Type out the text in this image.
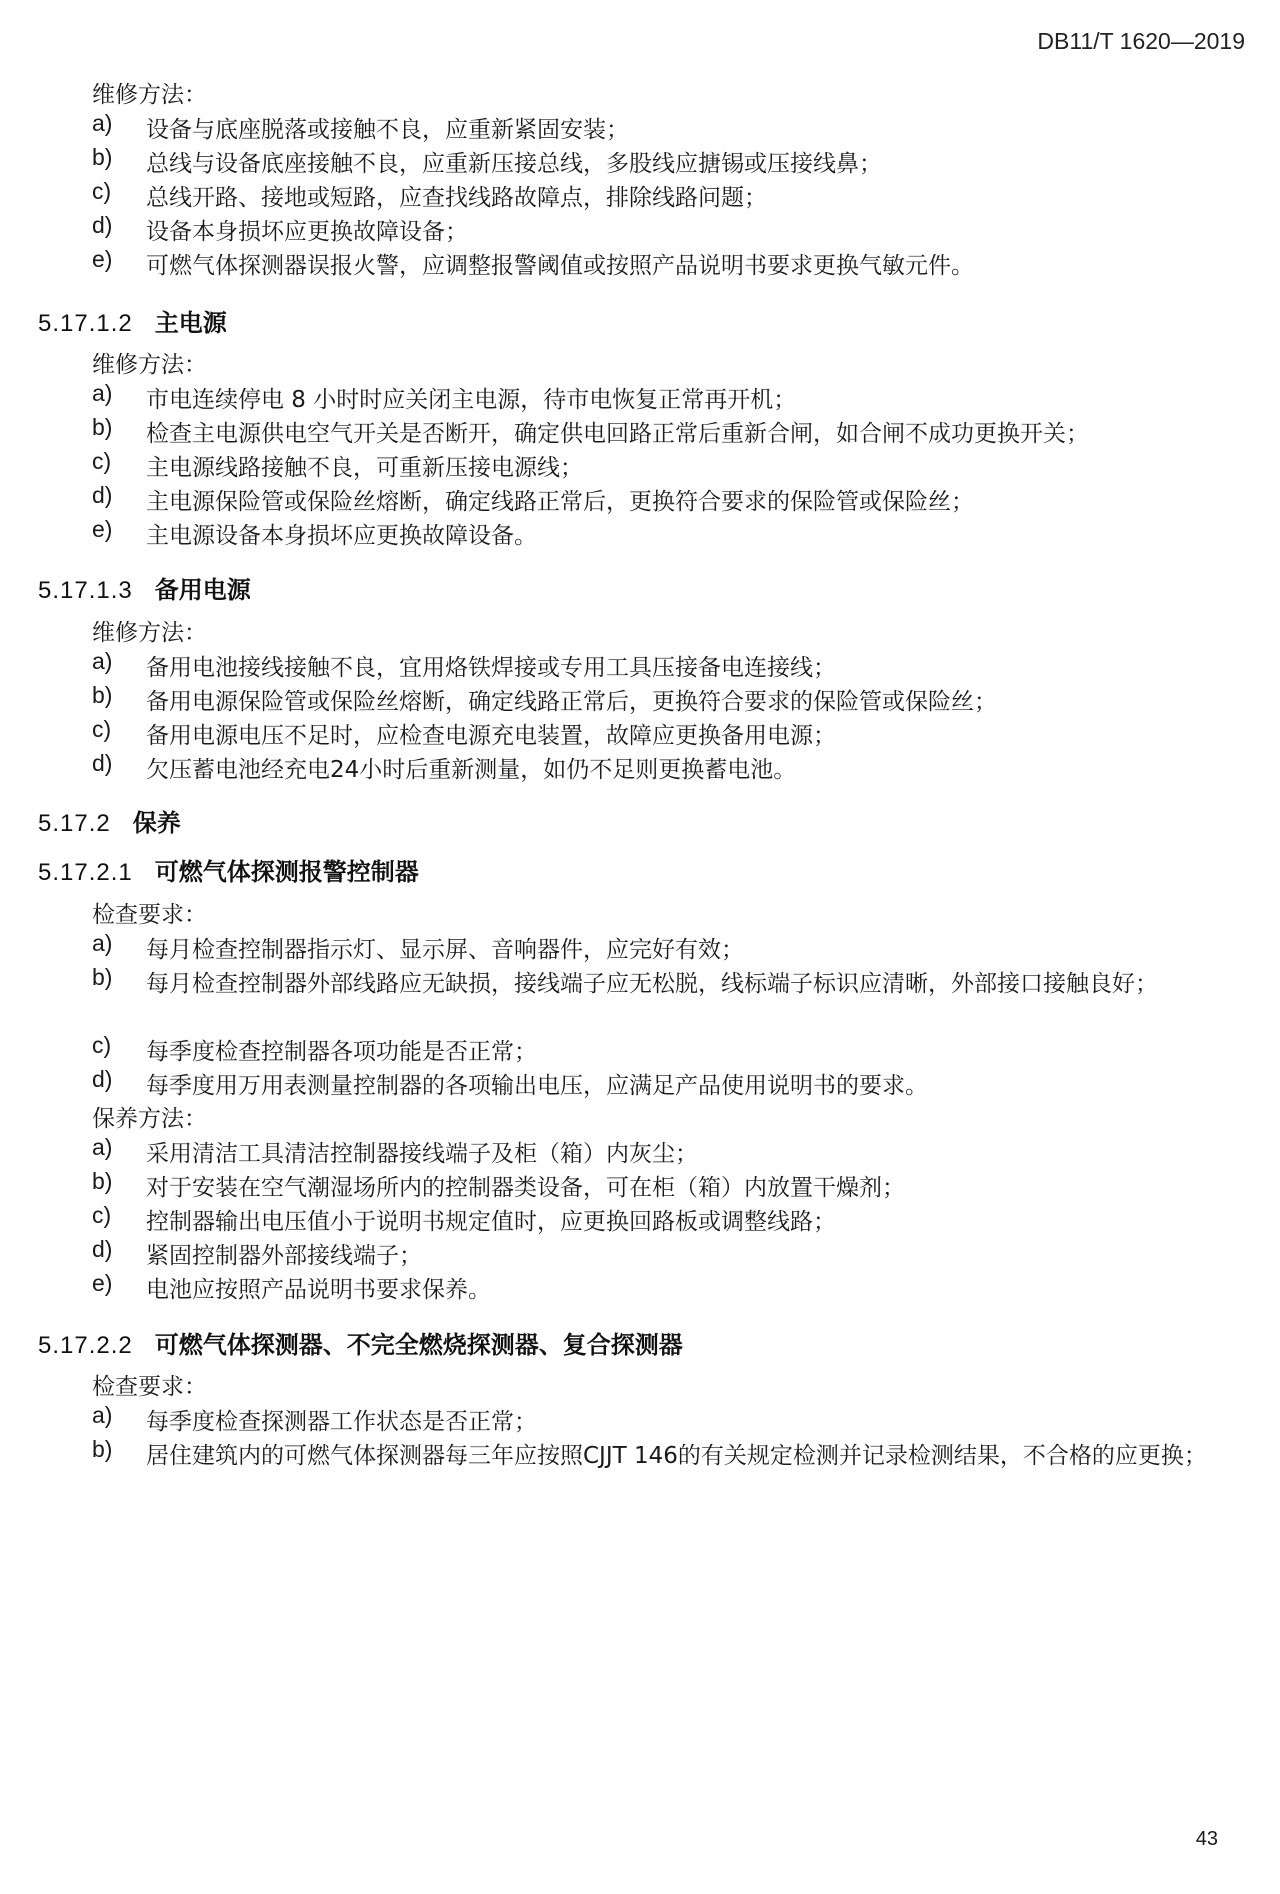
DB11/T 1620—2019
维修方法：
a)	设备与底座脱落或接触不良，应重新紧固安装；
b)	总线与设备底座接触不良，应重新压接总线，多股线应搪锡或压接线鼻；
c)	总线开路、接地或短路，应查找线路故障点，排除线路问题；
d)	设备本身损坏应更换故障设备；
e)	可燃气体探测器误报火警，应调整报警阈值或按照产品说明书要求更换气敏元件。
5.17.1.2 主电源
维修方法：
a)	市电连续停电 8 小时时应关闭主电源，待市电恢复正常再开机；
b)	检查主电源供电空气开关是否断开，确定供电回路正常后重新合闸，如合闸不成功更换开关；
c)	主电源线路接触不良，可重新压接电源线；
d)	主电源保险管或保险丝熔断，确定线路正常后，更换符合要求的保险管或保险丝；
e)	主电源设备本身损坏应更换故障设备。
5.17.1.3 备用电源
维修方法：
a)	备用电池接线接触不良，宜用烙铁焊接或专用工具压接备电连接线；
b)	备用电源保险管或保险丝熔断，确定线路正常后，更换符合要求的保险管或保险丝；
c)	备用电源电压不足时，应检查电源充电装置，故障应更换备用电源；
d)	欠压蓄电池经充电24小时后重新测量，如仍不足则更换蓄电池。
5.17.2 保养
5.17.2.1 可燃气体探测报警控制器
检查要求：
a)	每月检查控制器指示灯、显示屏、音响器件，应完好有效；
b)	每月检查控制器外部线路应无缺损，接线端子应无松脱，线标端子标识应清晰，外部接口接触良好；
c)	每季度检查控制器各项功能是否正常；
d)	每季度用万用表测量控制器的各项输出电压，应满足产品使用说明书的要求。
保养方法：
a)	采用清洁工具清洁控制器接线端子及柜（箱）内灰尘；
b)	对于安装在空气潮湿场所内的控制器类设备，可在柜（箱）内放置干燥剂；
c)	控制器输出电压值小于说明书规定值时，应更换回路板或调整线路；
d)	紧固控制器外部接线端子；
e)	电池应按照产品说明书要求保养。
5.17.2.2 可燃气体探测器、不完全燃烧探测器、复合探测器
检查要求：
a)	每季度检查探测器工作状态是否正常；
b)	居住建筑内的可燃气体探测器每三年应按照CJJT 146的有关规定检测并记录检测结果，不合格的应更换；
43
